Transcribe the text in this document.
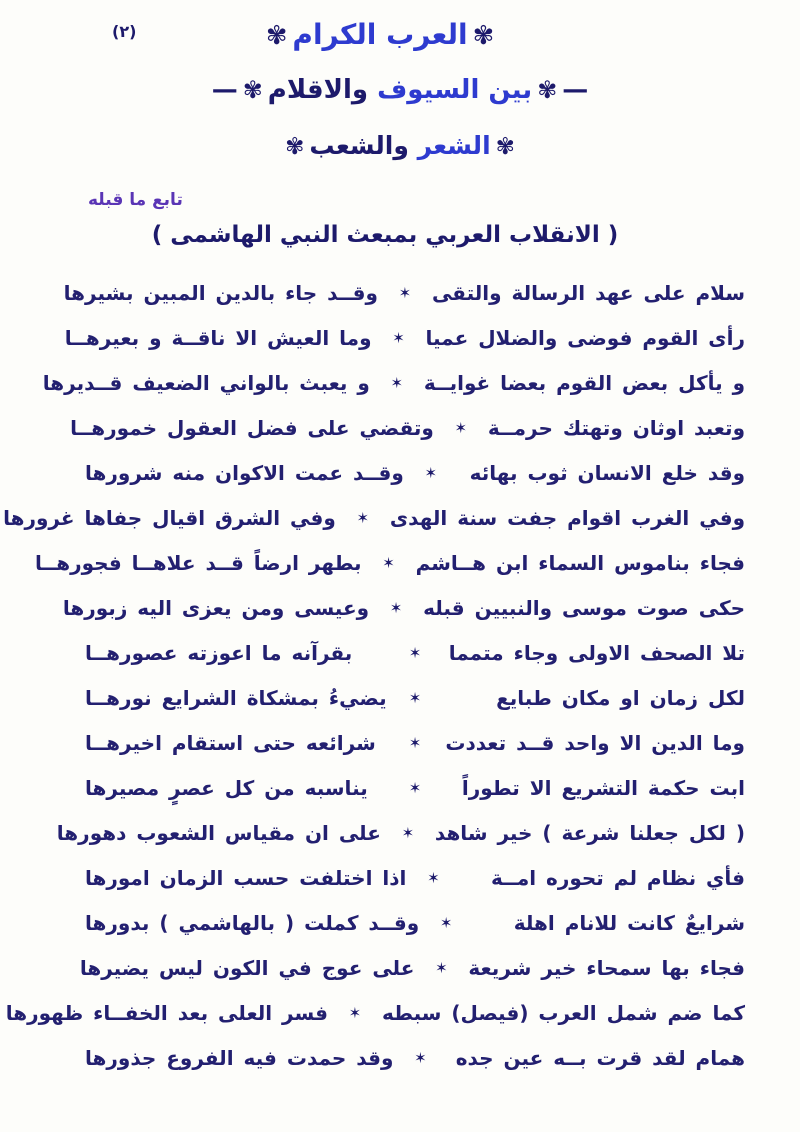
(٢)	✾العرب الكرام✾
—✾بين السيوف والاقلام✾—
✾الشعر والشعب✾
تابع ما قبله
( الانقلاب العربي بمبعث النبي الهاشمى )
سلام على عهد الرسالة والتقى
✶
وقــد جاء بالدين المبين بشيرها
رأى القوم فوضى والضلال عميا
✶
وما العيش الا ناقــة و بعيرهــا
و يأكل بعض القوم بعضا غوايــة
✶
و يعبث بالواني الضعيف قــديرها
وتعبد اوثان وتهتك حرمــة
✶
وتقضي على فضل العقول خمورهــا
وقد خلع الانسان ثوب بهائه
✶
وقــد عمت الاكوان منه شرورها
وفي الغرب اقوام جفت سنة الهدى
✶
وفي الشرق اقيال جفاها غرورها
فجاء بناموس السماء ابن هــاشم
✶
بطهر ارضاً قــد علاهــا فجورهــا
حكى صوت موسى والنبيين قبله
✶
وعيسى ومن يعزى اليه زبورها
تلا الصحف الاولى وجاء متمما
✶
بقرآنه ما اعوزته عصورهــا
لكل زمان او مكان طبايع
✶
يضيءُ بمشكاة الشرايع نورهــا
وما الدين الا واحد قــد تعددت
✶
شرائعه حتى استقام اخيرهــا
ابت حكمة التشريع الا تطوراً
✶
يناسبه من كل عصرٍ مصيرها
( لكل جعلنا شرعة ) خير شاهد
✶
على ان مقياس الشعوب دهورها
فأي نظام لم تحوره امــة
✶
اذا اختلفت حسب الزمان امورها
شرايعٌ كانت للانام اهلة
✶
وقــد كملت ( بالهاشمي ) بدورها
فجاء بها سمحاء خير شريعة
✶
على عوج في الكون ليس يضيرها
كما ضم شمل العرب (فيصل) سبطه
✶
فسر العلى بعد الخفــاء ظهورها
همام لقد قرت بــه عين جده
✶
وقد حمدت فيه الفروع جذورها
